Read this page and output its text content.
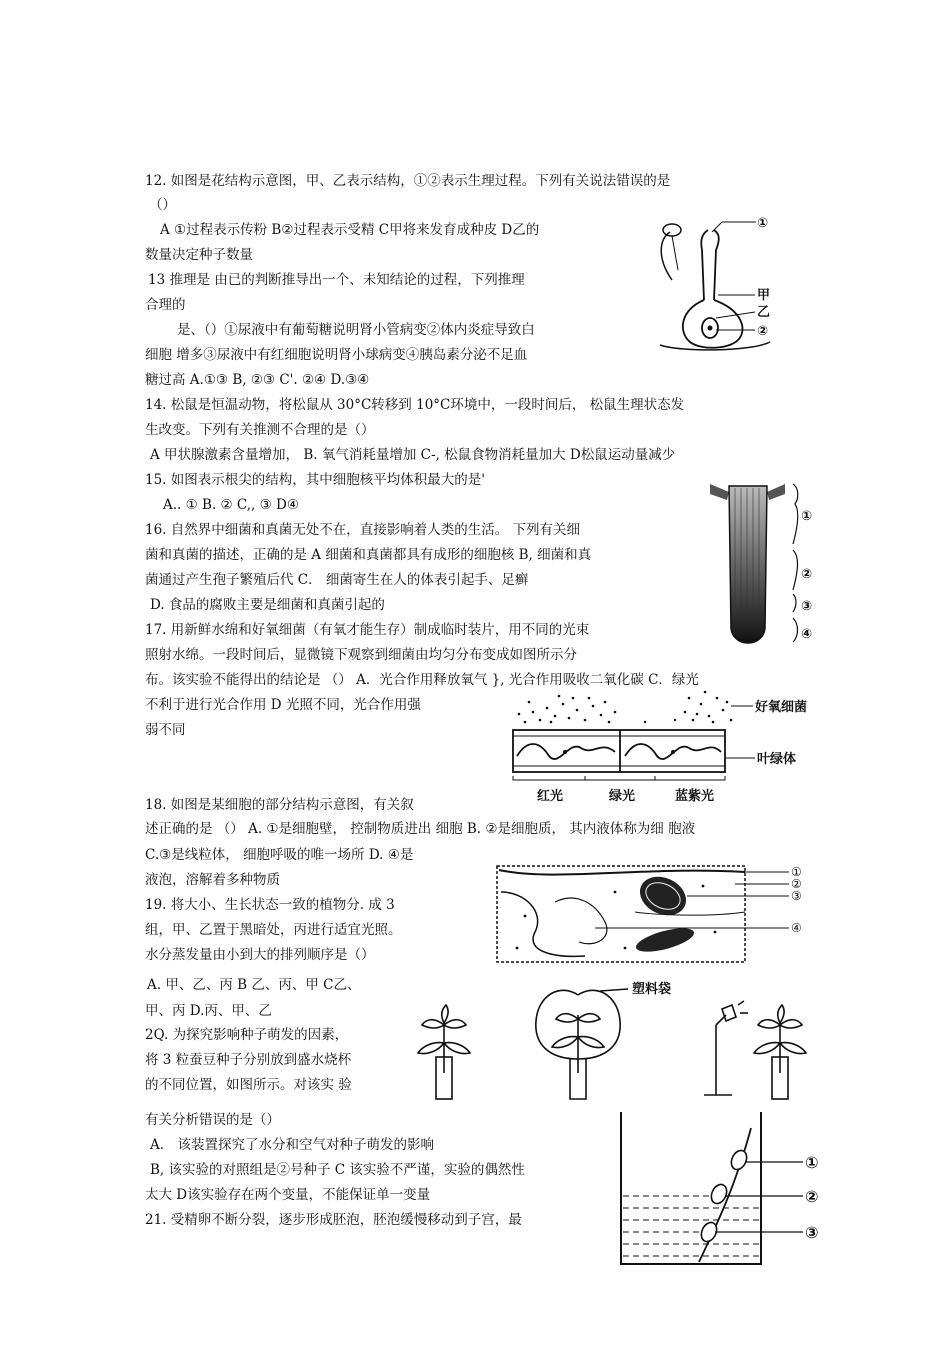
12. 如图是花结构示意图，甲、乙表示结构，①②表示生理过程。下列有关说法错误的是
（）
A ①过程表示传粉 B②过程表示受精 C甲将来发育成种皮 D乙的
数量决定种子数量
13 推理是 由已的判断推导出一个、未知结论的过程，下列推理
合理的
是、（）①尿液中有葡萄糖说明肾小管病变②体内炎症导致白
细胞 增多③尿液中有红细胞说明肾小球病变④胰岛素分泌不足血
糖过高 A.①③ B, ②③ C'. ②④ D.③④
14. 松鼠是恒温动物，将松鼠从 30°C转移到 10°C环境中，一段时间后， 松鼠生理状态发
生改变。下列有关推测不合理的是（）
A 甲状腺激素含量增加， B. 氧气消耗量增加 C-, 松鼠食物消耗量加大 D松鼠运动量减少
15. 如图表示根尖的结构，其中细胞核平均体积最大的是'
A.. ① B. ② C,, ③ D④
16. 自然界中细菌和真菌无处不在，直接影响着人类的生活。 下列有关细
菌和真菌的描述，正确的是 A 细菌和真菌都具有成形的细胞核 B, 细菌和真
菌通过产生孢子繁殖后代 C． 细菌寄生在人的体表引起手、足癣
D. 食品的腐败主要是细菌和真菌引起的
17. 用新鲜水绵和好氧细菌（有氧才能生存）制成临时装片，用不同的光束
照射水绵。一段时间后，显微镜下观察到细菌由均匀分布变成如图所示分
布。该实验不能得出的结论是 （） A．光合作用释放氧气 }, 光合作用吸收二氧化碳 C．绿光
不利于进行光合作用 D 光照不同，光合作用强
弱不同
18. 如图是某细胞的部分结构示意图，有关叙
述正确的是 （） A. ①是细胞壁， 控制物质进出 细胞 B. ②是细胞质， 其内液体称为细 胞液
C.③是线粒体， 细胞呼吸的唯一场所 D. ④是
液泡，溶解着多种物质
19. 将大小、生长状态一致的植物分. 成 3
组，甲、乙置于黑暗处，丙进行适宜光照。
水分蒸发量由小到大的排列顺序是（）
A. 甲、乙、丙 B 乙、丙、甲 C乙、
甲、丙 D.丙、甲、乙
2Q. 为探究影响种子萌发的因素，
将 3 粒蚕豆种子分别放到盛水烧杯
的不同位置，如图所示。对该实 验
有关分析错误的是（）
A． 该装置探究了水分和空气对种子萌发的影响
B, 该实验的对照组是②号种子 C 该实验不严谨，实验的偶然性
太大 D该实验存在两个变量，不能保证单一变量
21. 受精卵不断分裂，逐步形成胚泡，胚泡缓慢移动到子宫，最
①
甲
乙
②
①
②
③
④
好氧细菌
叶绿体
红光	绿光	蓝紫光
①
②
③
④
塑料袋
①
②
③
